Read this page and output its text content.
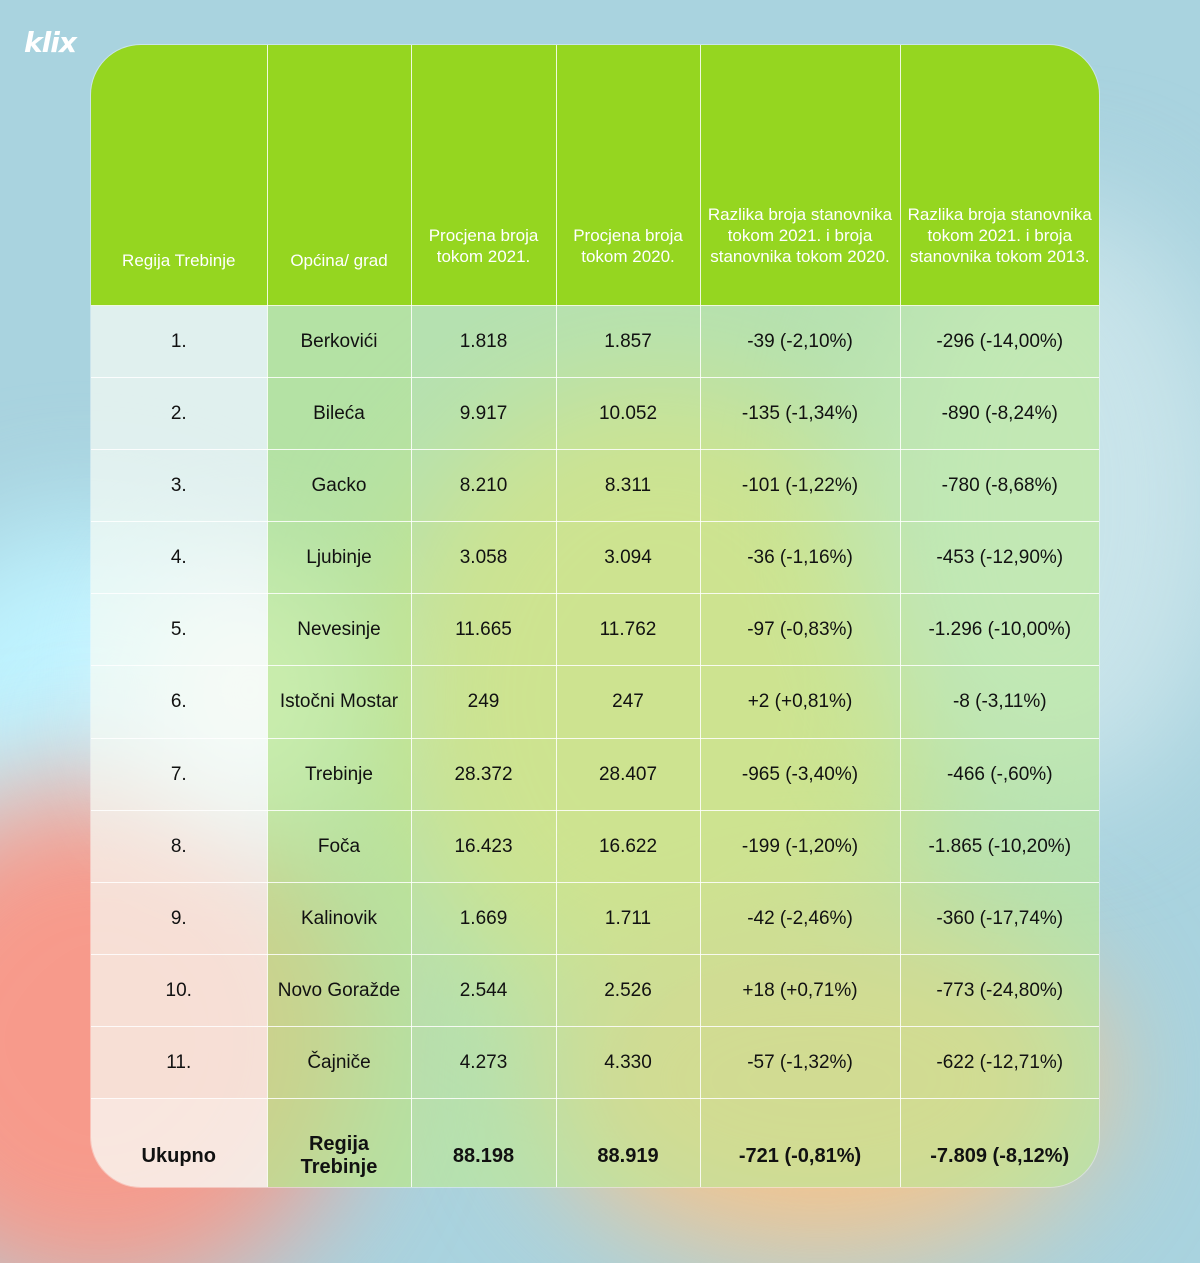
klix
Regija Trebinje	Općina/ grad	Procjena broja tokom 2021.	Procjena broja tokom 2020.	Razlika broja stanovnika tokom 2021. i broja stanovnika tokom 2020.	Razlika broja stanovnika tokom 2021. i broja stanovnika tokom 2013.
1.	Berkovići	1.818	1.857	-39 (-2,10%)	-296 (-14,00%)
2.	Bileća	9.917	10.052	-135 (-1,34%)	-890 (-8,24%)
3.	Gacko	8.210	8.311	-101 (-1,22%)	-780 (-8,68%)
4.	Ljubinje	3.058	3.094	-36 (-1,16%)	-453 (-12,90%)
5.	Nevesinje	11.665	11.762	-97 (-0,83%)	-1.296 (-10,00%)
6.	Istočni Mostar	249	247	+2 (+0,81%)	-8 (-3,11%)
7.	Trebinje	28.372	28.407	-965 (-3,40%)	-466 (-,60%)
8.	Foča	16.423	16.622	-199 (-1,20%)	-1.865 (-10,20%)
9.	Kalinovik	1.669	1.711	-42 (-2,46%)	-360 (-17,74%)
10.	Novo Goražde	2.544	2.526	+18 (+0,71%)	-773 (-24,80%)
11.	Čajniče	4.273	4.330	-57 (-1,32%)	-622 (-12,71%)
Ukupno	Regija Trebinje	88.198	88.919	-721 (-0,81%)	-7.809 (-8,12%)
